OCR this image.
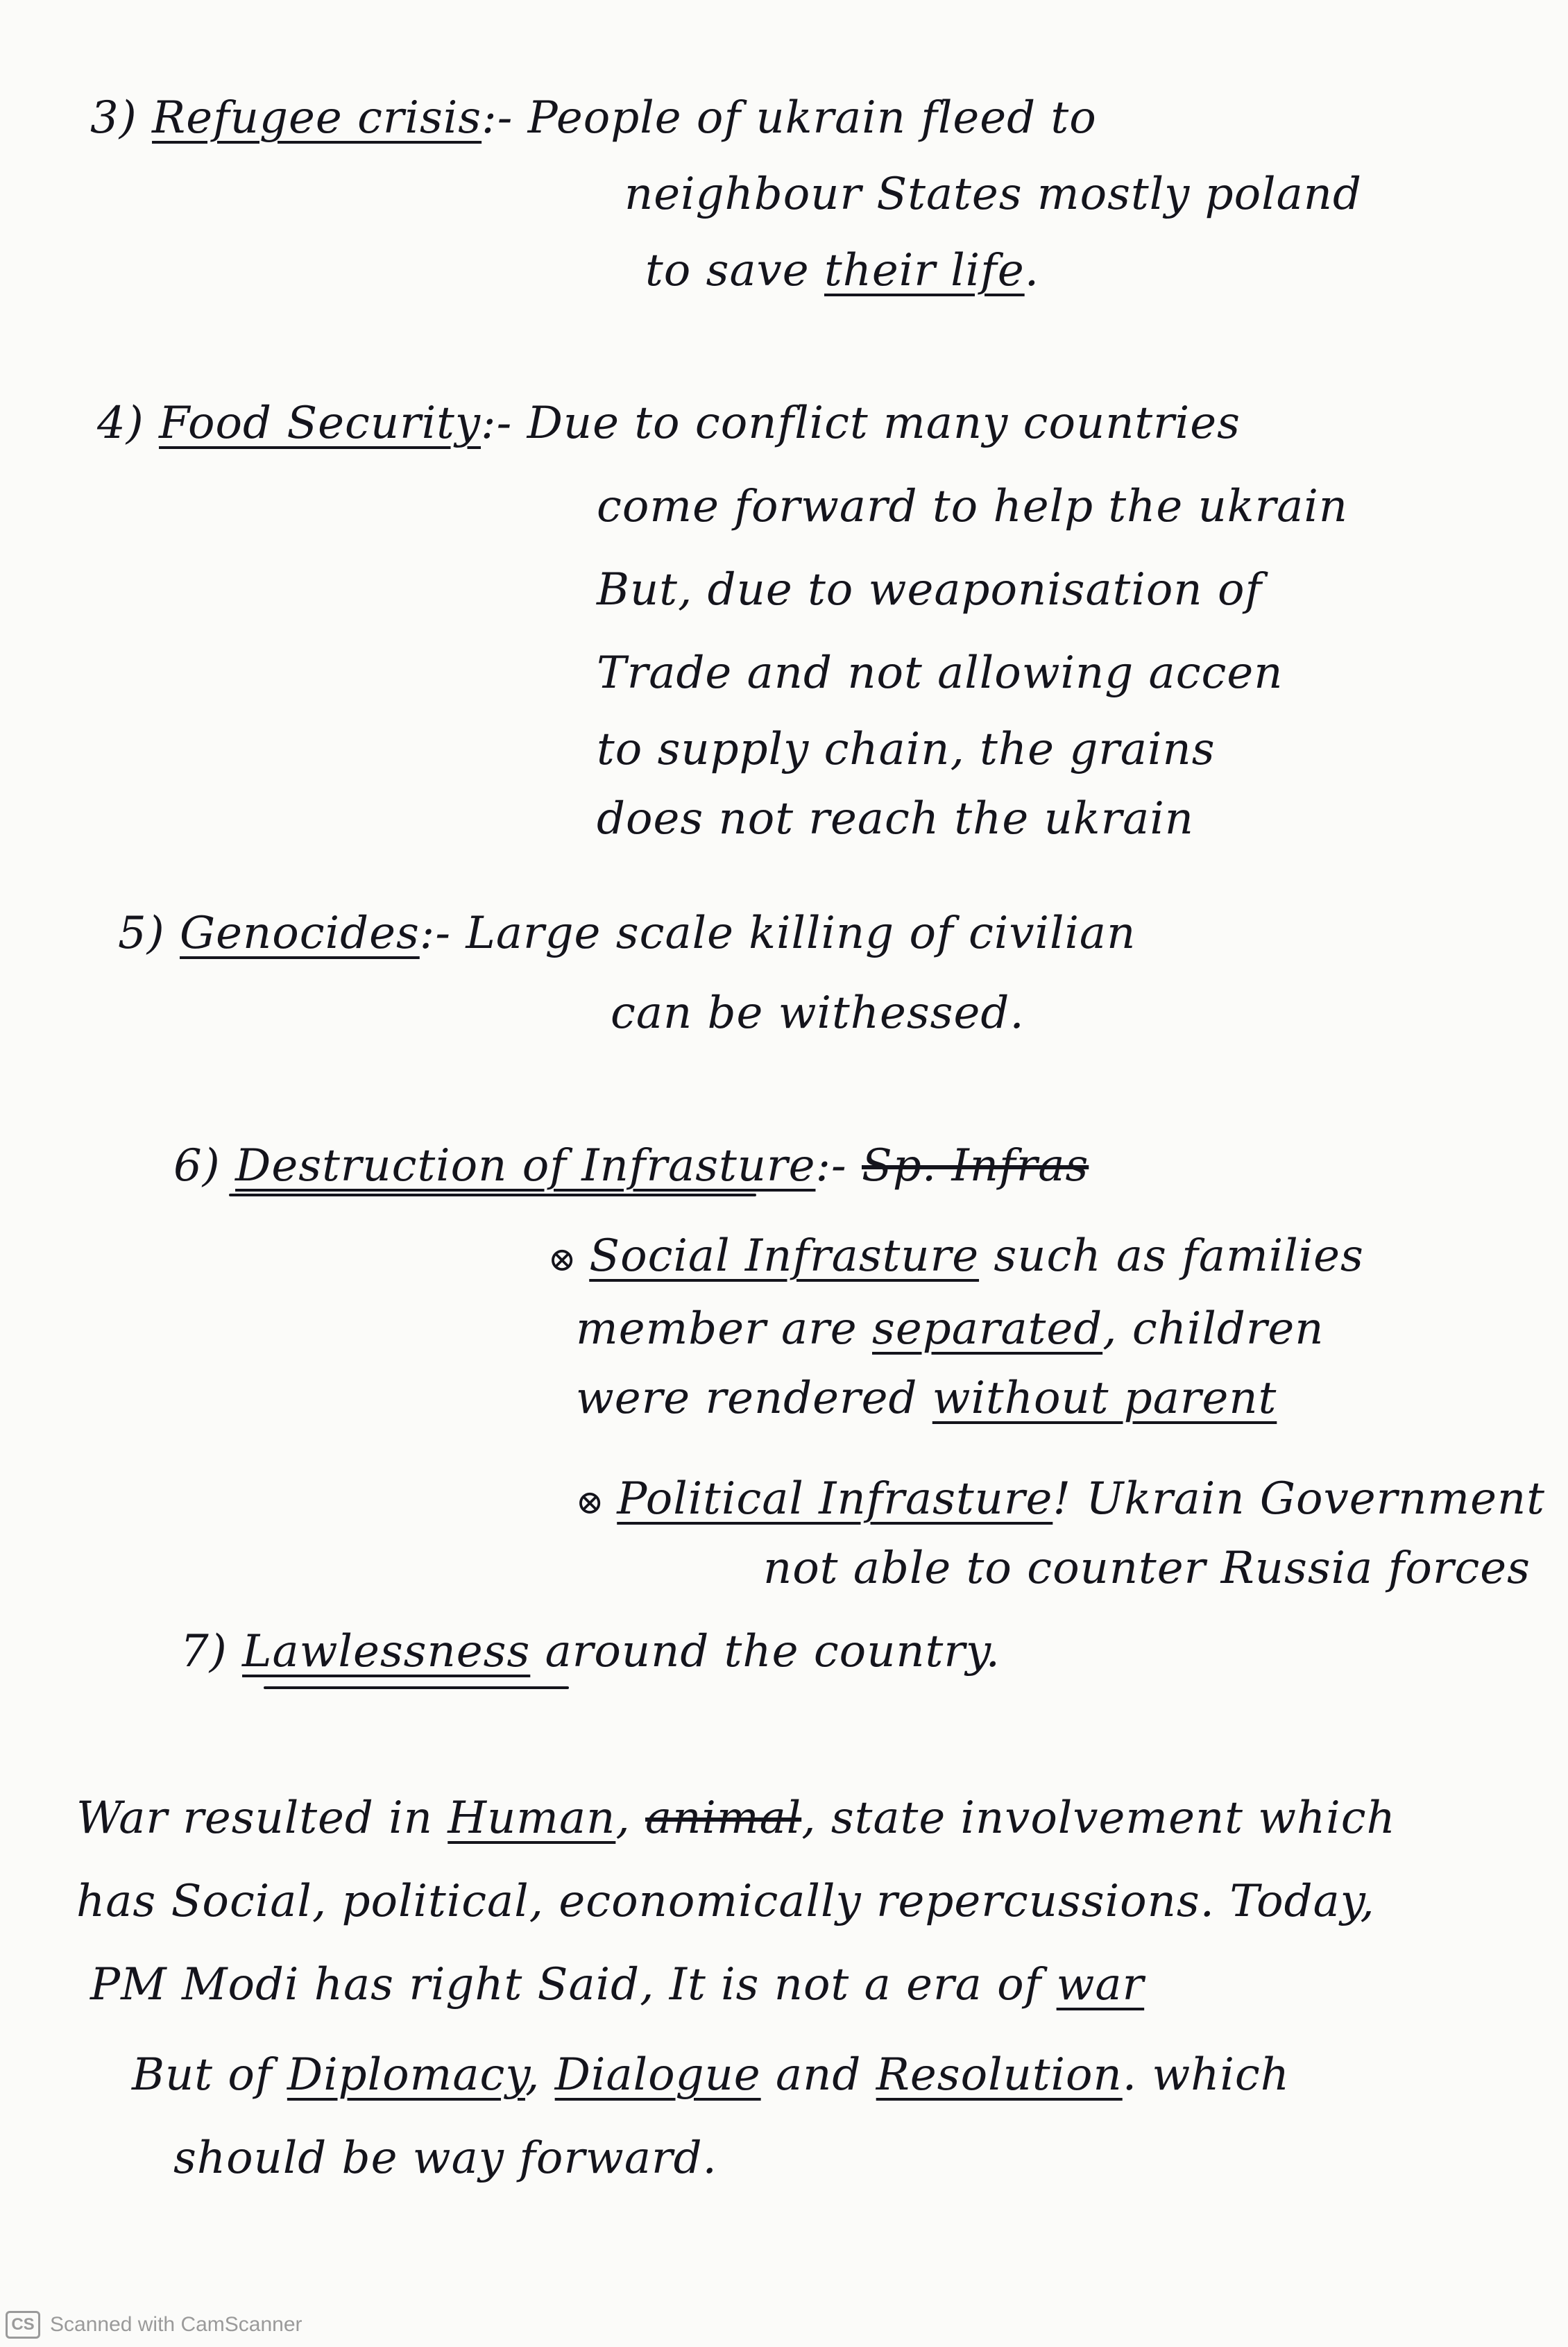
3) Refugee crisis:- People of ukrain fleed to
neighbour States mostly poland
to save their life.
4) Food Security:- Due to conflict many countries
come forward to help the ukrain
But, due to weaponisation of
Trade and not allowing accen
to supply chain, the grains
does not reach the ukrain
5) Genocides:- Large scale killing of civilian
can be withessed.
6) Destruction of Infrasture:- Sp. Infras
⊗ Social Infrasture such as families
member are separated, children
were rendered without parent
⊗ Political Infrasture! Ukrain Government
not able to counter Russia forces
7) Lawlessness around the country.
War resulted in Human, animal, state involvement which
has Social, political, economically repercussions. Today,
PM Modi has right Said, It is not a era of war
But of Diplomacy, Dialogue and Resolution. which
should be way forward.
CS Scanned with CamScanner
